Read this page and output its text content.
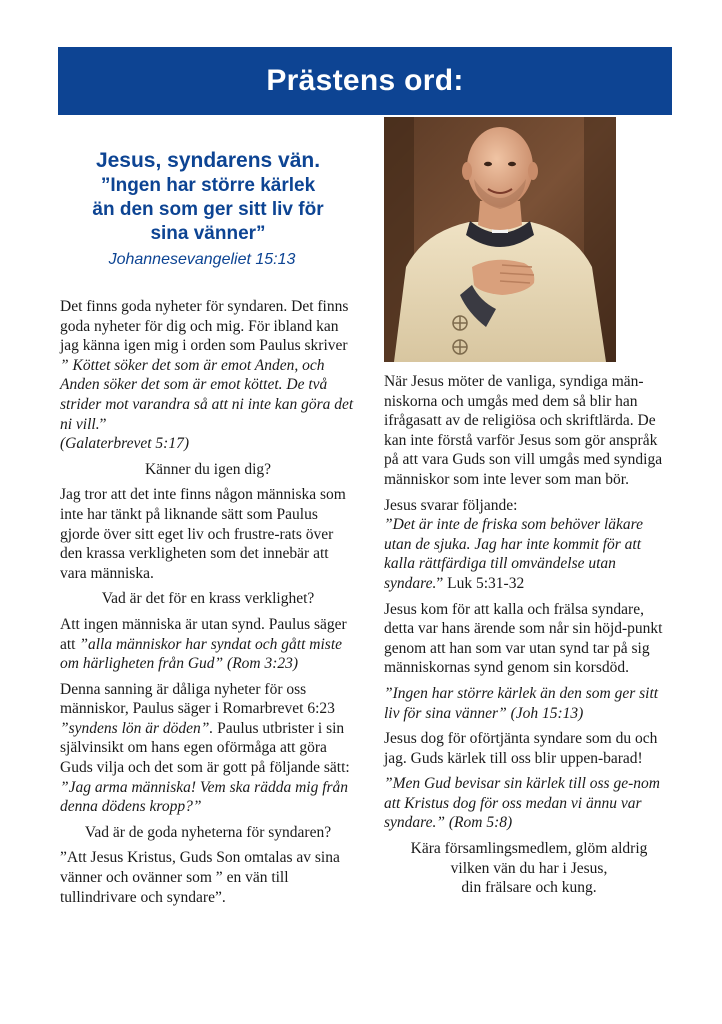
Prästens ord:
Jesus, syndarens vän.
”Ingen har större kärlek
än den som ger sitt liv för
sina vänner”
Johannesevangeliet 15:13

Det finns goda nyheter för syndaren. Det finns goda nyheter för dig och mig. För ibland kan jag känna igen mig i orden som Paulus skriver ” Köttet söker det som är emot Anden, och Anden söker det som är emot köttet. De två strider mot varandra så att ni inte kan göra det ni vill.”
(Galaterbrevet 5:17)

Känner du igen dig?

Jag tror att det inte finns någon människa som inte har tänkt på liknande sätt som Paulus gjorde över sitt eget liv och frustre-rats över den krassa verkligheten som det innebär att vara människa.

Vad är det för en krass verklighet?

Att ingen människa är utan synd. Paulus säger att ”alla människor har syndat och gått miste om härligheten från Gud” (Rom 3:23)

Denna sanning är dåliga nyheter för oss människor, Paulus säger i Romarbrevet 6:23 ”syndens lön är döden”. Paulus utbrister i sin självinsikt om hans egen oförmåga att göra Guds vilja och det som är gott på följande sätt:
”Jag arma människa! Vem ska rädda mig från denna dödens kropp?”

Vad är de goda nyheterna för syndaren?

”Att Jesus Kristus, Guds Son omtalas av sina vänner och ovänner som ” en vän till tullindrivare och syndare”.

När Jesus möter de vanliga, syndiga män-niskorna och umgås med dem så blir han ifrågasatt av de religiösa och skriftlärda. De kan inte förstå varför Jesus som gör anspråk på att vara Guds son vill umgås med syndiga människor som inte lever som man bör.

Jesus svarar följande:
”Det är inte de friska som behöver läkare utan de sjuka. Jag har inte kommit för att kalla rättfärdiga till omvändelse utan syndare.” Luk 5:31-32

Jesus kom för att kalla och frälsa syndare, detta var hans ärende som når sin höjd-punkt genom att han som var utan synd tar på sig människornas synd genom sin korsdöd.

”Ingen har större kärlek än den som ger sitt liv för sina vänner” (Joh 15:13)

Jesus dog för oförtjänta syndare som du och jag. Guds kärlek till oss blir uppen-barad!

”Men Gud bevisar sin kärlek till oss ge-nom att Kristus dog för oss medan vi ännu var syndare.” (Rom 5:8)

Kära församlingsmedlem, glöm aldrig
vilken vän du har i Jesus,
din frälsare och kung.
